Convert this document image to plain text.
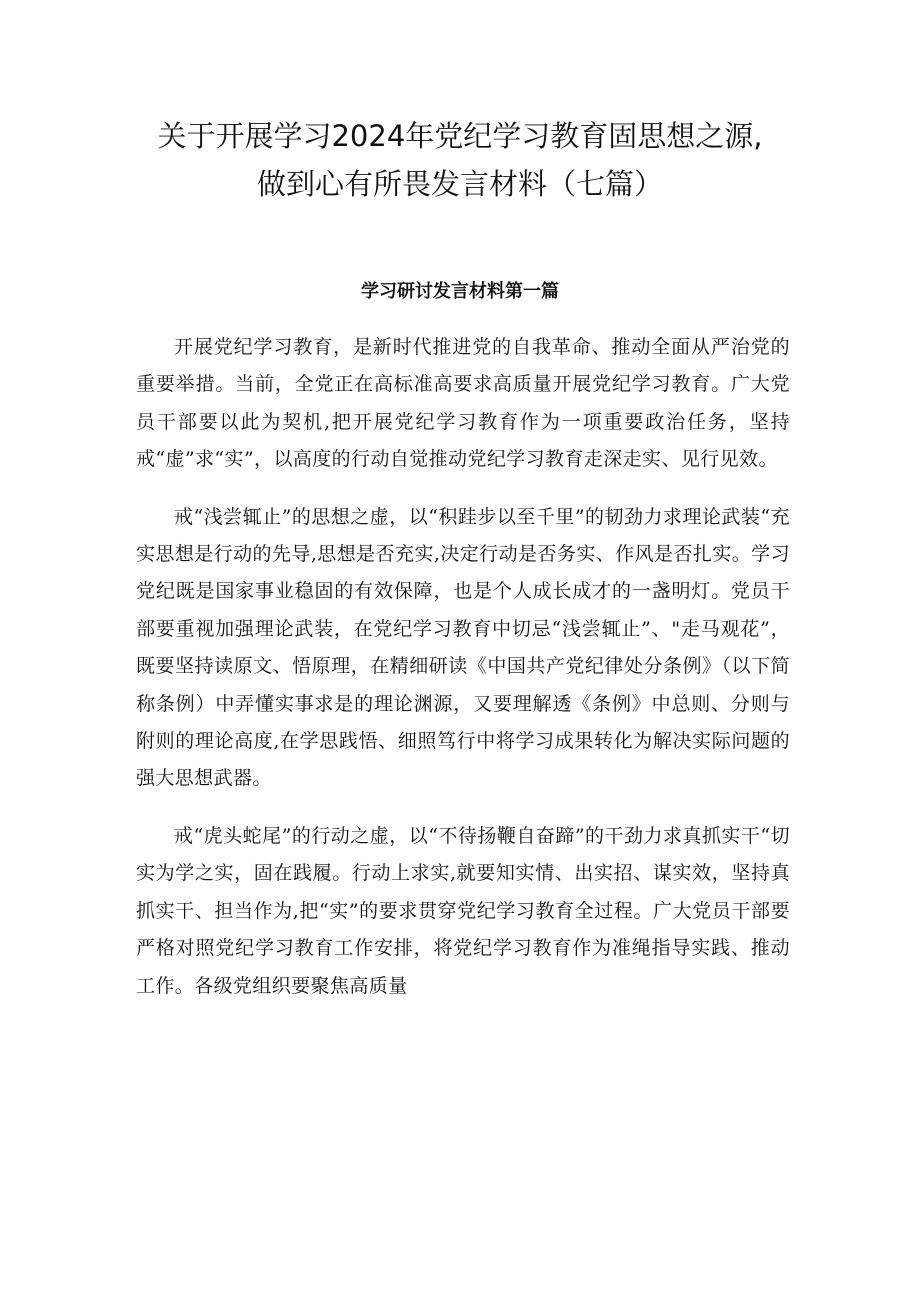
关于开展学习2024年党纪学习教育固思想之源,
做到心有所畏发言材料（七篇）
学习研讨发言材料第一篇

开展党纪学习教育，是新时代推进党的自我革命、推动全面从严治党的重要举措。当前，全党正在高标准高要求高质量开展党纪学习教育。广大党员干部要以此为契机,把开展党纪学习教育作为一项重要政治任务，坚持戒“虚”求“实”，以高度的行动自觉推动党纪学习教育走深走实、见行见效。

戒“浅尝辄止”的思想之虚，以“积跬步以至千里”的韧劲力求理论武装“充实思想是行动的先导,思想是否充实,决定行动是否务实、作风是否扎实。学习党纪既是国家事业稳固的有效保障，也是个人成长成才的一盏明灯。党员干部要重视加强理论武装，在党纪学习教育中切忌“浅尝辄止”、"走马观花”，既要坚持读原文、悟原理，在精细研读《中国共产党纪律处分条例》（以下简称条例）中弄懂实事求是的理论渊源，又要理解透《条例》中总则、分则与附则的理论高度,在学思践悟、细照笃行中将学习成果转化为解决实际问题的强大思想武器。

戒“虎头蛇尾”的行动之虚，以“不待扬鞭自奋蹄”的干劲力求真抓实干“切实为学之实，固在践履。行动上求实,就要知实情、出实招、谋实效，坚持真抓实干、担当作为,把“实”的要求贯穿党纪学习教育全过程。广大党员干部要严格对照党纪学习教育工作安排，将党纪学习教育作为准绳指导实践、推动工作。各级党组织要聚焦高质量
